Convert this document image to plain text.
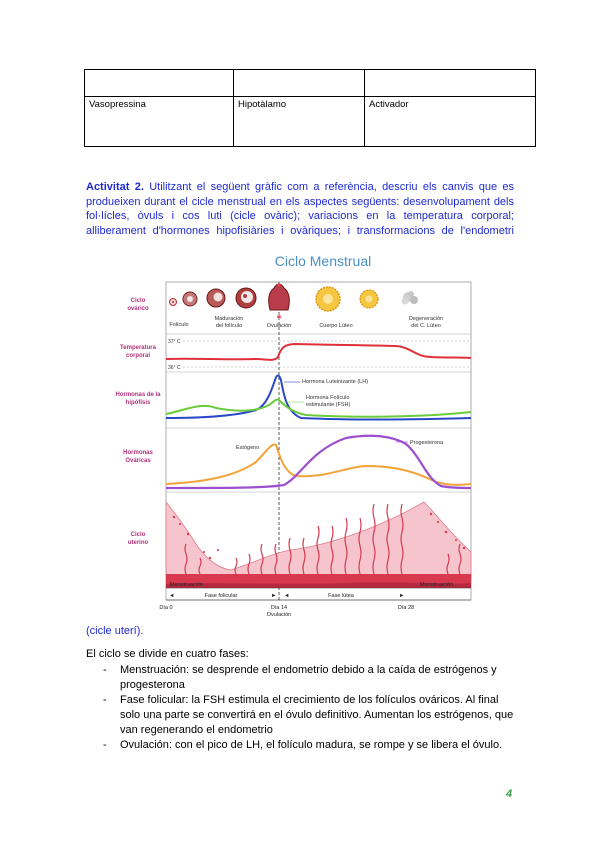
Vasopressina	Hipotàlamo	Activador
Activitat 2. Utilitzant el següent gràfic com a referència, descriu els canvis que es produeixen durant el cicle menstrual en els aspectes següents: desenvolupament dels fol·lícles, òvuls i cos luti (cicle ovàric); variacions en la temperatura corporal; alliberament d'hormones hipofisiàries i ovàriques; i transformacions de l'endometri
Ciclo Menstrual
Ciclo
ovárico
Temperatura
corporal
Hormonas de la
hipófisis
Hormonas
Ováricas
Ciclo
uterino
Folículo
Maduración
del folículo	Ovulación	Cuerpo Lúteo
Degeneración
del C. Lúteo
✱
37° C
36° C
Hormona Luteinizante (LH)
Hormona Folículo
estimulante (FSH)
Estógeno
Progesterona
Menstruación	Menstruación
◄	► ◄	►
Fase folicular	Fase lútea
Día 0	Día 14
Ovulación
Día 28
(cicle uterí).
El ciclo se divide en cuatro fases:
- Menstruación: se desprende el endometrio debido a la caída de estrógenos y progesterona
- Fase folicular: la FSH estimula el crecimiento de los folículos ováricos. Al final solo una parte se convertirá en el óvulo definitivo. Aumentan los estrógenos, que van regenerando el endometrio
- Ovulación: con el pico de LH, el folículo madura, se rompe y se libera el óvulo.
4
